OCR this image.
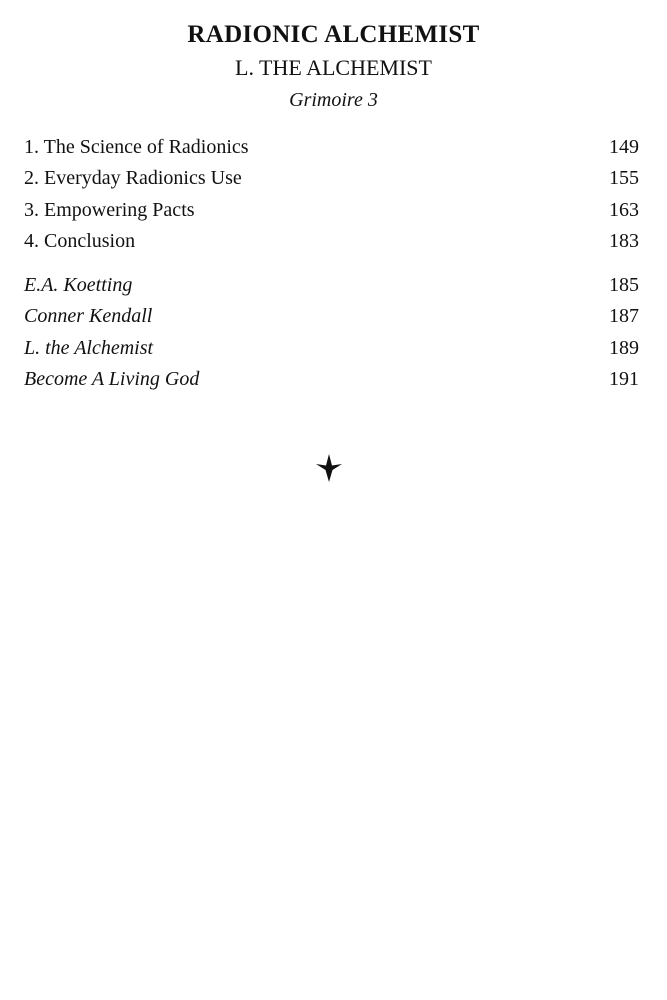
RADIONIC ALCHEMIST
L. THE ALCHEMIST
Grimoire 3
1. The Science of Radionics	149
2. Everyday Radionics Use	155
3. Empowering Pacts	163
4. Conclusion	183
E.A. Koetting	185
Conner Kendall	187
L. the Alchemist	189
Become A Living God	191
